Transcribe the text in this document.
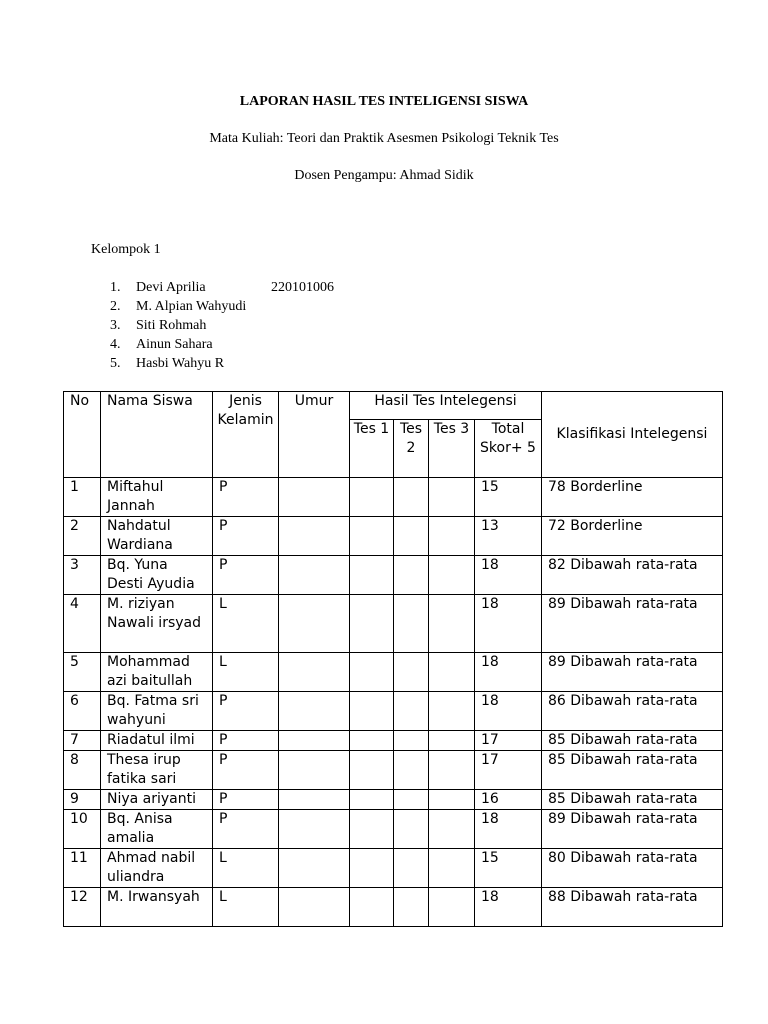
LAPORAN HASIL TES INTELIGENSI SISWA
Mata Kuliah: Teori dan Praktik Asesmen Psikologi Teknik Tes
Dosen Pengampu: Ahmad Sidik
Kelompok 1
1.	Devi Aprilia	220101006
2.	M. Alpian Wahyudi
3.	Siti Rohmah
4.	Ainun Sahara
5.	Hasbi Wahyu R
No	Nama Siswa	Jenis Kelamin	Umur	Hasil Tes Intelegensi				Klasifikasi Intelegensi
				Tes 1	Tes 2	Tes 3	Total Skor+ 5	
1	Miftahul Jannah	P					15	78 Borderline
2	Nahdatul Wardiana	P					13	72 Borderline
3	Bq. Yuna Desti Ayudia	P					18	82 Dibawah rata-rata
4	M. riziyan Nawali irsyad	L					18	89 Dibawah rata-rata
5	Mohammad azi baitullah	L					18	89 Dibawah rata-rata
6	Bq. Fatma sri wahyuni	P					18	86 Dibawah rata-rata
7	Riadatul ilmi	P					17	85 Dibawah rata-rata
8	Thesa irup fatika sari	P					17	85 Dibawah rata-rata
9	Niya ariyanti	P					16	85 Dibawah rata-rata
10	Bq. Anisa amalia	P					18	89 Dibawah rata-rata
11	Ahmad nabil uliandra	L					15	80 Dibawah rata-rata
12	M. Irwansyah	L					18	88 Dibawah rata-rata
